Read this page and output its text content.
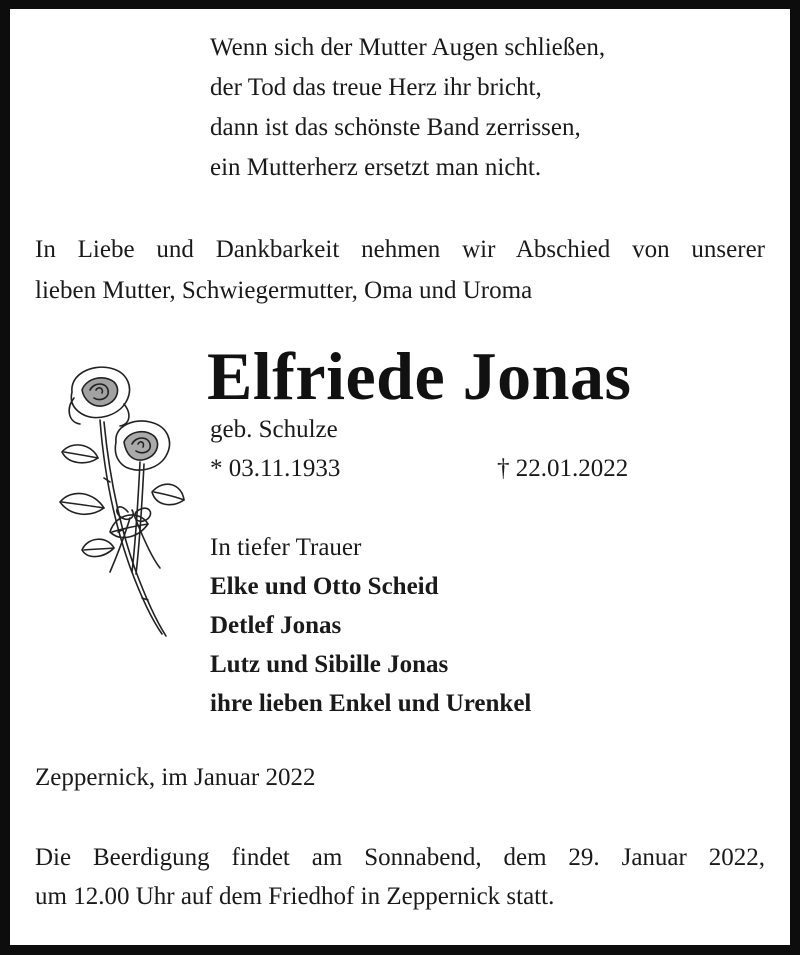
Wenn sich der Mutter Augen schließen,
der Tod das treue Herz ihr bricht,
dann ist das schönste Band zerrissen,
ein Mutterherz ersetzt man nicht.
In Liebe und Dankbarkeit nehmen wir Abschied von unserer
lieben Mutter, Schwiegermutter, Oma und Uroma
Elfriede Jonas
geb. Schulze
* 03.11.1933	† 22.01.2022
In tiefer Trauer
Elke und Otto Scheid
Detlef Jonas
Lutz und Sibille Jonas
ihre lieben Enkel und Urenkel
Zeppernick, im Januar 2022
Die Beerdigung findet am Sonnabend, dem 29. Januar 2022,
um 12.00 Uhr auf dem Friedhof in Zeppernick statt.
